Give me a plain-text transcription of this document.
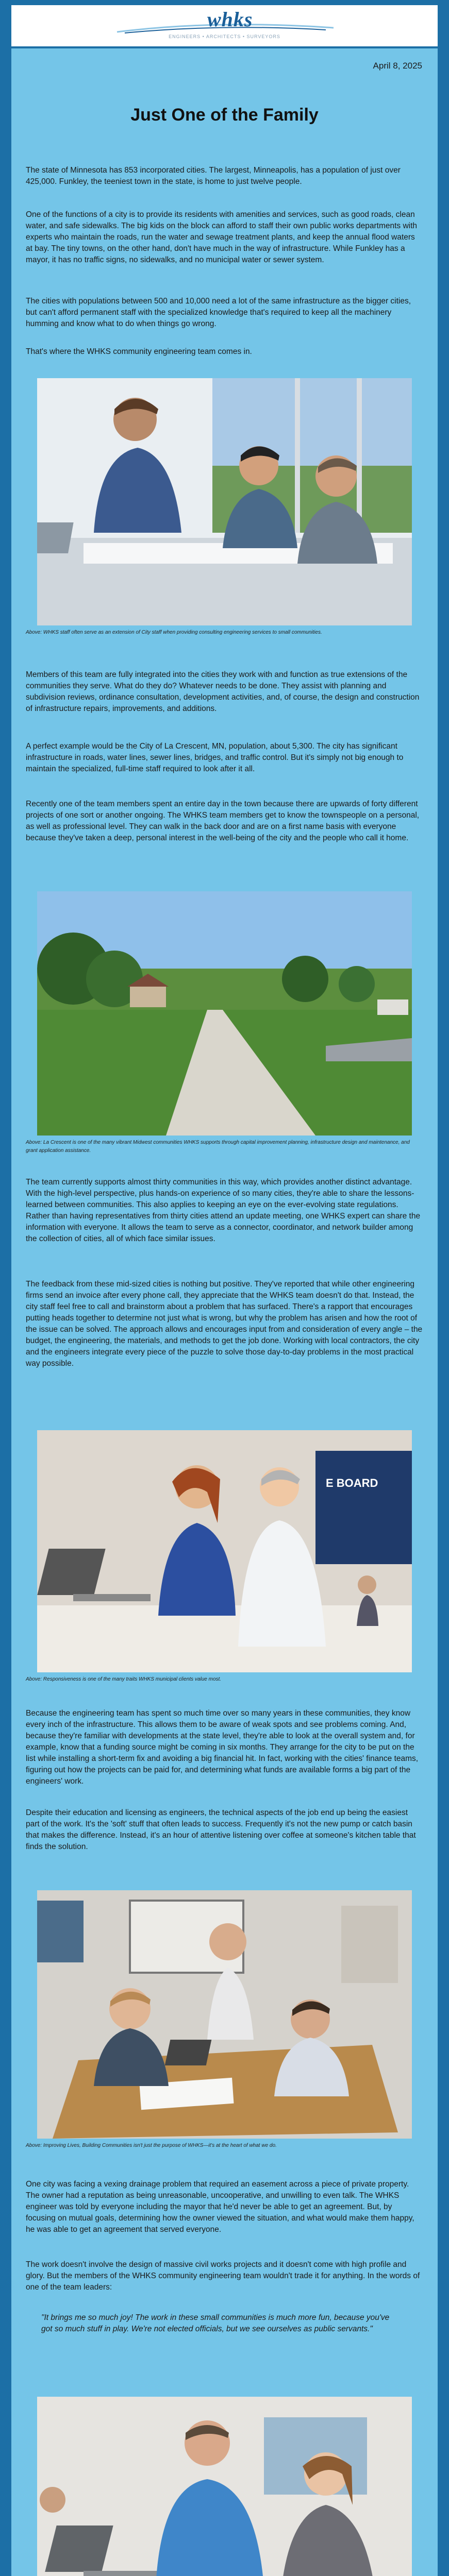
whks
ENGINEERS • ARCHITECTS • SURVEYORS
April 8, 2025
Just One of the Family

The state of Minnesota has 853 incorporated cities. The largest, Minneapolis, has a population of just over 425,000. Funkley, the teeniest town in the state, is home to just twelve people.

One of the functions of a city is to provide its residents with amenities and services, such as good roads, clean water, and safe sidewalks. The big kids on the block can afford to staff their own public works departments with experts who maintain the roads, run the water and sewage treatment plants, and keep the annual flood waters at bay. The tiny towns, on the other hand, don't have much in the way of infrastructure. While Funkley has a mayor, it has no traffic signs, no sidewalks, and no municipal water or sewer system.

The cities with populations between 500 and 10,000 need a lot of the same infrastructure as the bigger cities, but can't afford permanent staff with the specialized knowledge that's required to keep all the machinery humming and know what to do when things go wrong.

That's where the WHKS community engineering team comes in.

Above: WHKS staff often serve as an extension of City staff when providing consulting engineering services to small communities.

Members of this team are fully integrated into the cities they work with and function as true extensions of the communities they serve. What do they do? Whatever needs to be done. They assist with planning and subdivision reviews, ordinance consultation, development activities, and, of course, the design and construction of infrastructure repairs, improvements, and additions.

A perfect example would be the City of La Crescent, MN, population, about 5,300. The city has significant infrastructure in roads, water lines, sewer lines, bridges, and traffic control. But it's simply not big enough to maintain the specialized, full-time staff required to look after it all.

Recently one of the team members spent an entire day in the town because there are upwards of forty different projects of one sort or another ongoing. The WHKS team members get to know the townspeople on a personal, as well as professional level. They can walk in the back door and are on a first name basis with everyone because they've taken a deep, personal interest in the well-being of the city and the people who call it home.

Above: La Crescent is one of the many vibrant Midwest communities WHKS supports through capital improvement planning, infrastructure design and maintenance, and grant application assistance.

The team currently supports almost thirty communities in this way, which provides another distinct advantage. With the high-level perspective, plus hands-on experience of so many cities, they're able to share the lessons-learned between communities. This also applies to keeping an eye on the ever-evolving state regulations. Rather than having representatives from thirty cities attend an update meeting, one WHKS expert can share the information with everyone. It allows the team to serve as a connector, coordinator, and network builder among the collection of cities, all of which face similar issues.

The feedback from these mid-sized cities is nothing but positive. They've reported that while other engineering firms send an invoice after every phone call, they appreciate that the WHKS team doesn't do that. Instead, the city staff feel free to call and brainstorm about a problem that has surfaced. There's a rapport that encourages putting heads together to determine not just what is wrong, but why the problem has arisen and how the root of the issue can be solved. The approach allows and encourages input from and consideration of every angle – the budget, the engineering, the materials, and methods to get the job done. Working with local contractors, the city and the engineers integrate every piece of the puzzle to solve those day-to-day problems in the most practical way possible.

E BOARD

Above: Responsiveness is one of the many traits WHKS municipal clients value most.

Because the engineering team has spent so much time over so many years in these communities, they know every inch of the infrastructure. This allows them to be aware of weak spots and see problems coming. And, because they're familiar with developments at the state level, they're able to look at the overall system and, for example, know that a funding source might be coming in six months. They arrange for the city to be put on the list while installing a short-term fix and avoiding a big financial hit. In fact, working with the cities' finance teams, figuring out how the projects can be paid for, and determining what funds are available forms a big part of the engineers' work.

Despite their education and licensing as engineers, the technical aspects of the job end up being the easiest part of the work. It's the 'soft' stuff that often leads to success. Frequently it's not the new pump or catch basin that makes the difference. Instead, it's an hour of attentive listening over coffee at someone's kitchen table that finds the solution.

Above: Improving Lives, Building Communities isn't just the purpose of WHKS—it's at the heart of what we do.

One city was facing a vexing drainage problem that required an easement across a piece of private property. The owner had a reputation as being unreasonable, uncooperative, and unwilling to even talk. The WHKS engineer was told by everyone including the mayor that he'd never be able to get an agreement. But, by focusing on mutual goals, determining how the owner viewed the situation, and what would make them happy, he was able to get an agreement that served everyone.

The work doesn't involve the design of massive civil works projects and it doesn't come with high profile and glory. But the members of the WHKS community engineering team wouldn't trade it for anything. In the words of one of the team leaders:

"It brings me so much joy! The work in these small communities is much more fun, because you've got so much stuff in play. We're not elected officials, but we see ourselves as public servants."
